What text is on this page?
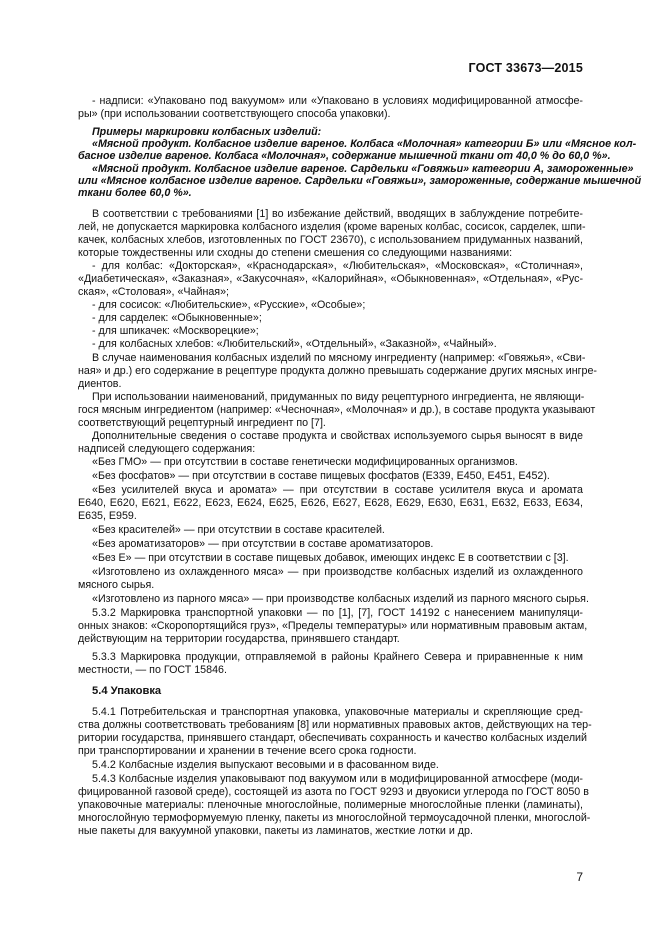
ГОСТ 33673—2015
- надписи: «Упаковано под вакуумом» или «Упаковано в условиях модифицированной атмосфе-
ры» (при использовании соответствующего способа упаковки).
Примеры маркировки колбасных изделий:
«Мясной продукт. Колбасное изделие вареное. Колбаса «Молочная» категории Б» или «Мясное кол-
басное изделие вареное. Колбаса «Молочная», содержание мышечной ткани от 40,0 % до 60,0 %».
«Мясной продукт. Колбасное изделие вареное. Сардельки «Говяжьи» категории А, замороженные»
или «Мясное колбасное изделие вареное. Сардельки «Говяжьи», замороженные, содержание мышечной
ткани более 60,0 %».
В соответствии с требованиями [1] во избежание действий, вводящих в заблуждение потребите-
лей, не допускается маркировка колбасного изделия (кроме вареных колбас, сосисок, сарделек, шпи-
качек, колбасных хлебов, изготовленных по ГОСТ 23670), с использованием придуманных названий,
которые тождественны или сходны до степени смешения со следующими названиями:
- для колбас: «Докторская», «Краснодарская», «Любительская», «Московская», «Столичная»,
«Диабетическая», «Заказная», «Закусочная», «Калорийная», «Обыкновенная», «Отдельная», «Рус-
ская», «Столовая», «Чайная»;
- для сосисок: «Любительские», «Русские», «Особые»;
- для сарделек: «Обыкновенные»;
- для шпикачек: «Москворецкие»;
- для колбасных хлебов: «Любительский», «Отдельный», «Заказной», «Чайный».
В случае наименования колбасных изделий по мясному ингредиенту (например: «Говяжья», «Сви-
ная» и др.) его содержание в рецептуре продукта должно превышать содержание других мясных ингре-
диентов.
При использовании наименований, придуманных по виду рецептурного ингредиента, не являющи-
гося мясным ингредиентом (например: «Чесночная», «Молочная» и др.), в составе продукта указывают
соответствующий рецептурный ингредиент по [7].
Дополнительные сведения о составе продукта и свойствах используемого сырья выносят в виде
надписей следующего содержания:
«Без ГМО» — при отсутствии в составе генетически модифицированных организмов.
«Без фосфатов» — при отсутствии в составе пищевых фосфатов (Е339, Е450, Е451, Е452).
«Без усилителей вкуса и аромата» — при отсутствии в составе усилителя вкуса и аромата
Е640, Е620, Е621, Е622, Е623, Е624, Е625, Е626, Е627, Е628, Е629, Е630, Е631, Е632, Е633, Е634,
Е635, Е959.
«Без красителей» — при отсутствии в составе красителей.
«Без ароматизаторов» — при отсутствии в составе ароматизаторов.
«Без Е» — при отсутствии в составе пищевых добавок, имеющих индекс Е в соответствии с [3].
«Изготовлено из охлажденного мяса» — при производстве колбасных изделий из охлажденного
мясного сырья.
«Изготовлено из парного мяса» — при производстве колбасных изделий из парного мясного сырья.
5.3.2 Маркировка транспортной упаковки — по [1], [7], ГОСТ 14192 с нанесением манипуляци-
онных знаков: «Скоропортящийся груз», «Пределы температуры» или нормативным правовым актам,
действующим на территории государства, принявшего стандарт.
5.3.3 Маркировка продукции, отправляемой в районы Крайнего Севера и приравненные к ним
местности, — по ГОСТ 15846.
5.4 Упаковка
5.4.1 Потребительская и транспортная упаковка, упаковочные материалы и скрепляющие сред-
ства должны соответствовать требованиям [8] или нормативных правовых актов, действующих на тер-
ритории государства, принявшего стандарт, обеспечивать сохранность и качество колбасных изделий
при транспортировании и хранении в течение всего срока годности.
5.4.2 Колбасные изделия выпускают весовыми и в фасованном виде.
5.4.3 Колбасные изделия упаковывают под вакуумом или в модифицированной атмосфере (моди-
фицированной газовой среде), состоящей из азота по ГОСТ 9293 и двуокиси углерода по ГОСТ 8050 в
упаковочные материалы: пленочные многослойные, полимерные многослойные пленки (ламинаты),
многослойную термоформуемую пленку, пакеты из многослойной термоусадочной пленки, многослой-
ные пакеты для вакуумной упаковки, пакеты из ламинатов, жесткие лотки и др.
7
